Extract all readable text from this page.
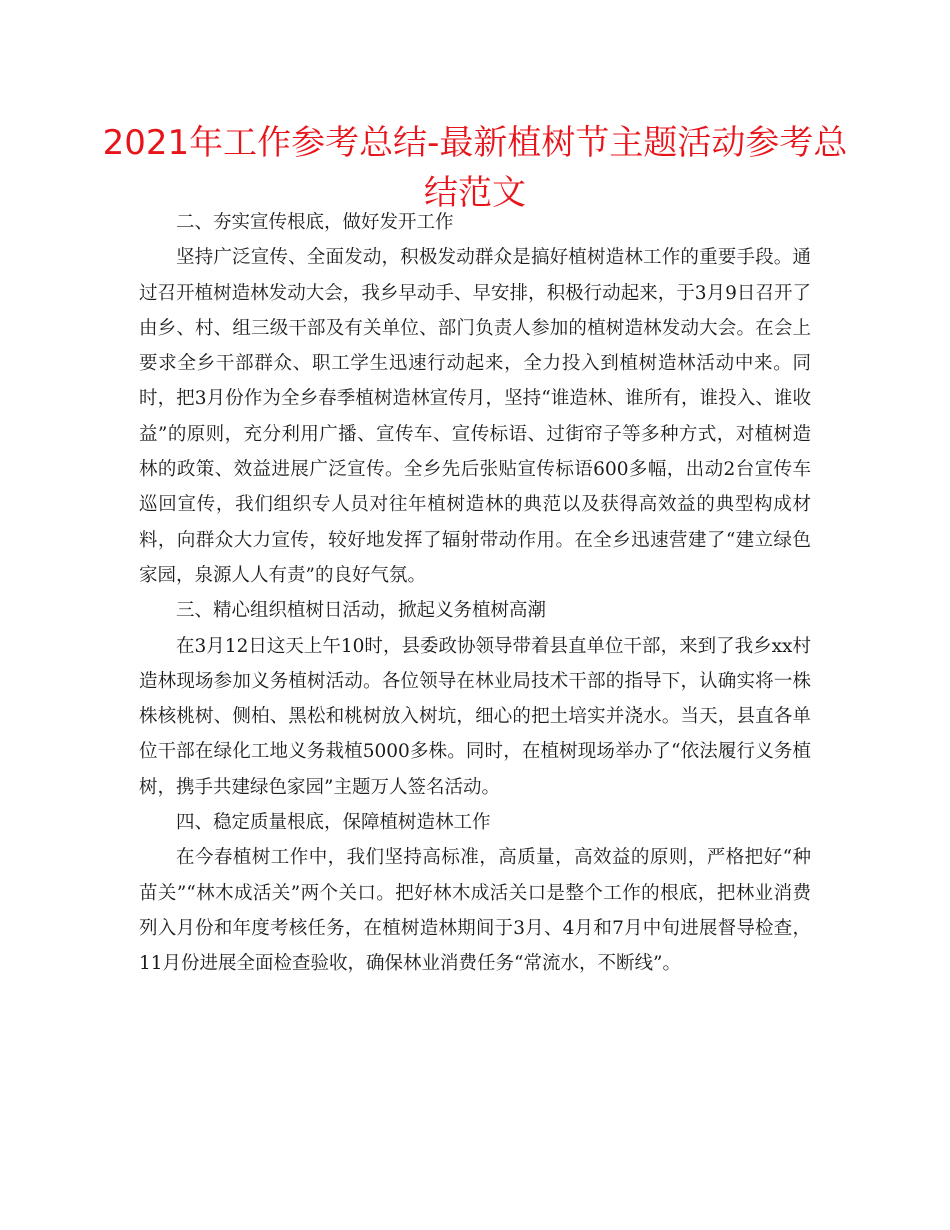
2021年工作参考总结-最新植树节主题活动参考总结范文

二、夯实宣传根底，做好发开工作

坚持广泛宣传、全面发动，积极发动群众是搞好植树造林工作的重要手段。通过召开植树造林发动大会，我乡早动手、早安排，积极行动起来，于3月9日召开了由乡、村、组三级干部及有关单位、部门负责人参加的植树造林发动大会。在会上要求全乡干部群众、职工学生迅速行动起来，全力投入到植树造林活动中来。同时，把3月份作为全乡春季植树造林宣传月，坚持“谁造林、谁所有，谁投入、谁收益”的原则，充分利用广播、宣传车、宣传标语、过街帘子等多种方式，对植树造林的政策、效益进展广泛宣传。全乡先后张贴宣传标语600多幅，出动2台宣传车巡回宣传，我们组织专人员对往年植树造林的典范以及获得高效益的典型构成材料，向群众大力宣传，较好地发挥了辐射带动作用。在全乡迅速营建了“建立绿色家园，泉源人人有责”的良好气氛。

三、精心组织植树日活动，掀起义务植树高潮

在3月12日这天上午10时，县委政协领导带着县直单位干部，来到了我乡xx村造林现场参加义务植树活动。各位领导在林业局技术干部的指导下，认确实将一株株核桃树、侧柏、黑松和桃树放入树坑，细心的把土培实并浇水。当天，县直各单位干部在绿化工地义务栽植5000多株。同时，在植树现场举办了“依法履行义务植树，携手共建绿色家园”主题万人签名活动。

四、稳定质量根底，保障植树造林工作

在今春植树工作中，我们坚持高标准，高质量，高效益的原则，严格把好“种苗关”“林木成活关”两个关口。把好林木成活关口是整个工作的根底，把林业消费列入月份和年度考核任务，在植树造林期间于3月、4月和7月中旬进展督导检查，11月份进展全面检查验收，确保林业消费任务“常流水，不断线”。
